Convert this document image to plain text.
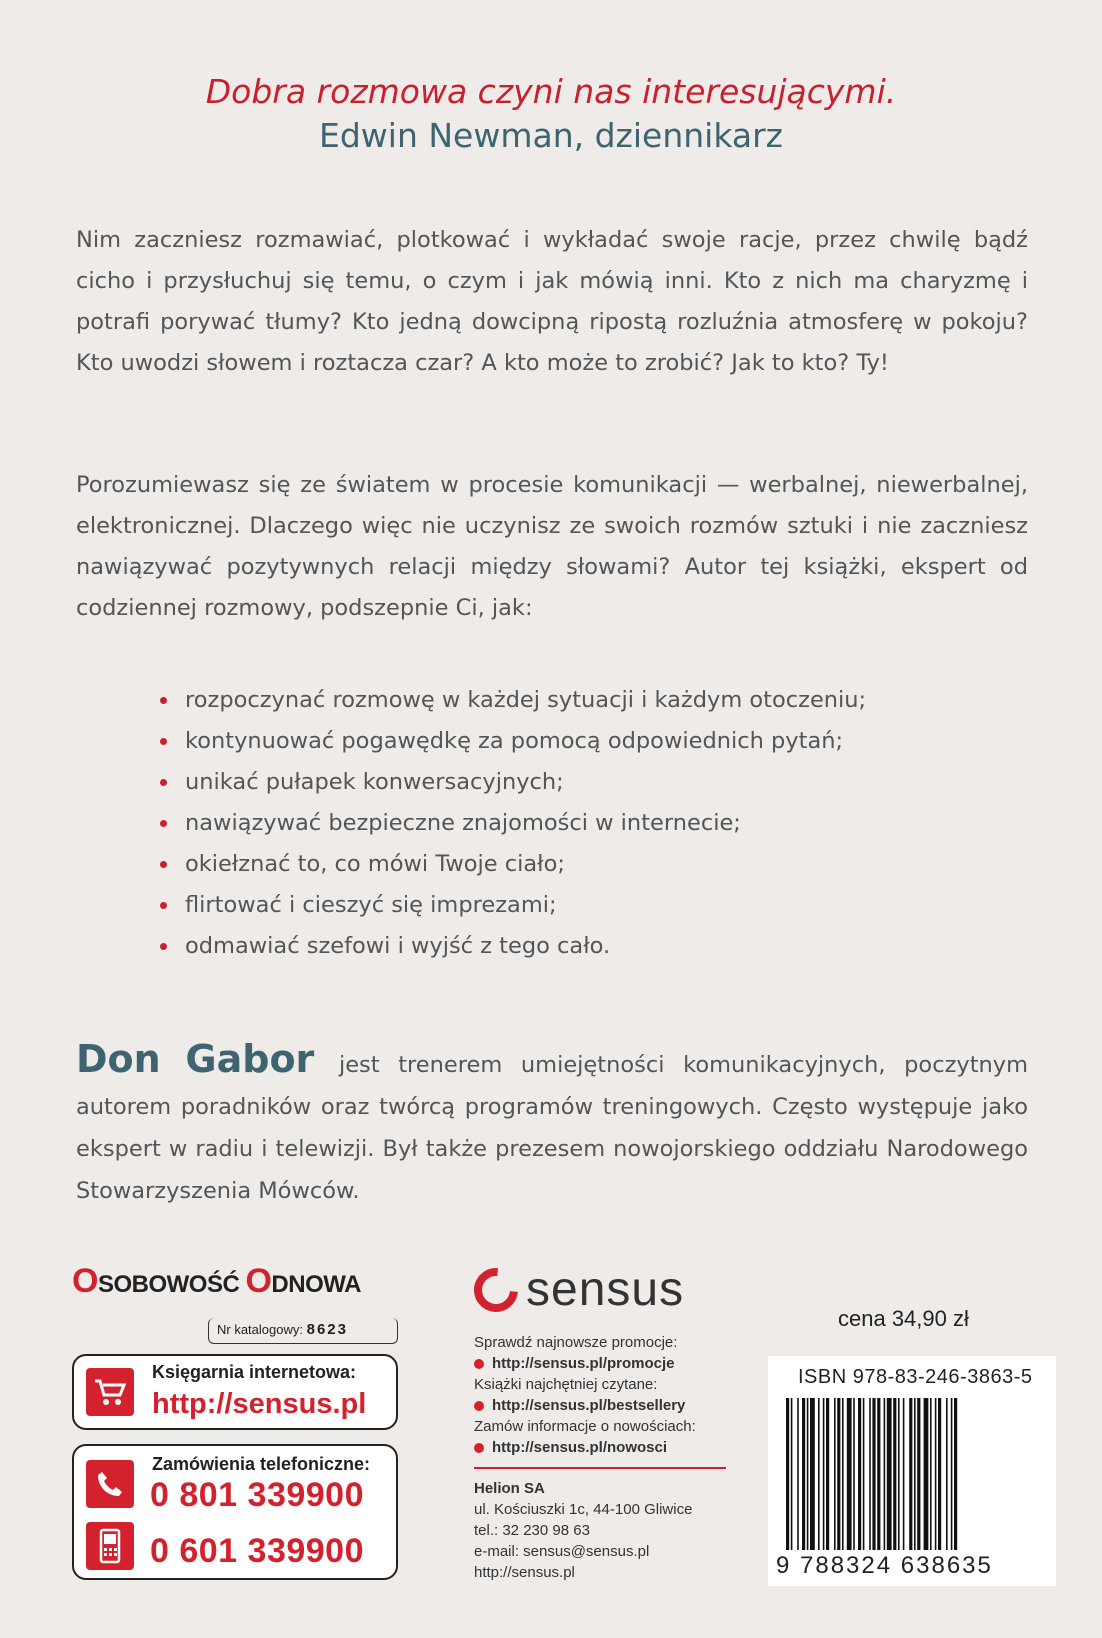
Dobra rozmowa czyni nas interesującymi.
Edwin Newman, dziennikarz

Nim zaczniesz rozmawiać, plotkować i wykładać swoje racje, przez chwilę bądź cicho i przysłuchuj się temu, o czym i jak mówią inni. Kto z nich ma charyzmę i potrafi porywać tłumy? Kto jedną dowcipną ripostą rozluźnia atmosferę w pokoju? Kto uwodzi słowem i roztacza czar? A kto może to zrobić? Jak to kto? Ty!

Porozumiewasz się ze światem w procesie komunikacji — werbalnej, niewerbalnej, elektronicznej. Dlaczego więc nie uczynisz ze swoich rozmów sztuki i nie zaczniesz nawiązywać pozytywnych relacji między słowami? Autor tej książki, ekspert od codziennej rozmowy, podszepnie Ci, jak:

rozpoczynać rozmowę w każdej sytuacji i każdym otoczeniu;
kontynuować pogawędkę za pomocą odpowiednich pytań;
unikać pułapek konwersacyjnych;
nawiązywać bezpieczne znajomości w internecie;
okiełznać to, co mówi Twoje ciało;
flirtować i cieszyć się imprezami;
odmawiać szefowi i wyjść z tego cało.

Don Gabor jest trenerem umiejętności komunikacyjnych, poczytnym autorem poradników oraz twórcą programów treningowych. Często występuje jako ekspert w radiu i telewizji. Był także prezesem nowojorskiego oddziału Narodowego Stowarzyszenia Mówców.

OSOBOWOŚĆ ODNOWA
Nr katalogowy: 8623
Księgarnia internetowa:
http://sensus.pl
Zamówienia telefoniczne:
0 801 339900
0 601 339900
sensus
Sprawdź najnowsze promocje:
http://sensus.pl/promocje
Książki najchętniej czytane:
http://sensus.pl/bestsellery
Zamów informacje o nowościach:
http://sensus.pl/nowosci
Helion SA
ul. Kościuszki 1c, 44-100 Gliwice
tel.: 32 230 98 63
e-mail: sensus@sensus.pl
http://sensus.pl
cena 34,90 zł
ISBN 978-83-246-3863-5
9 788324 638635
